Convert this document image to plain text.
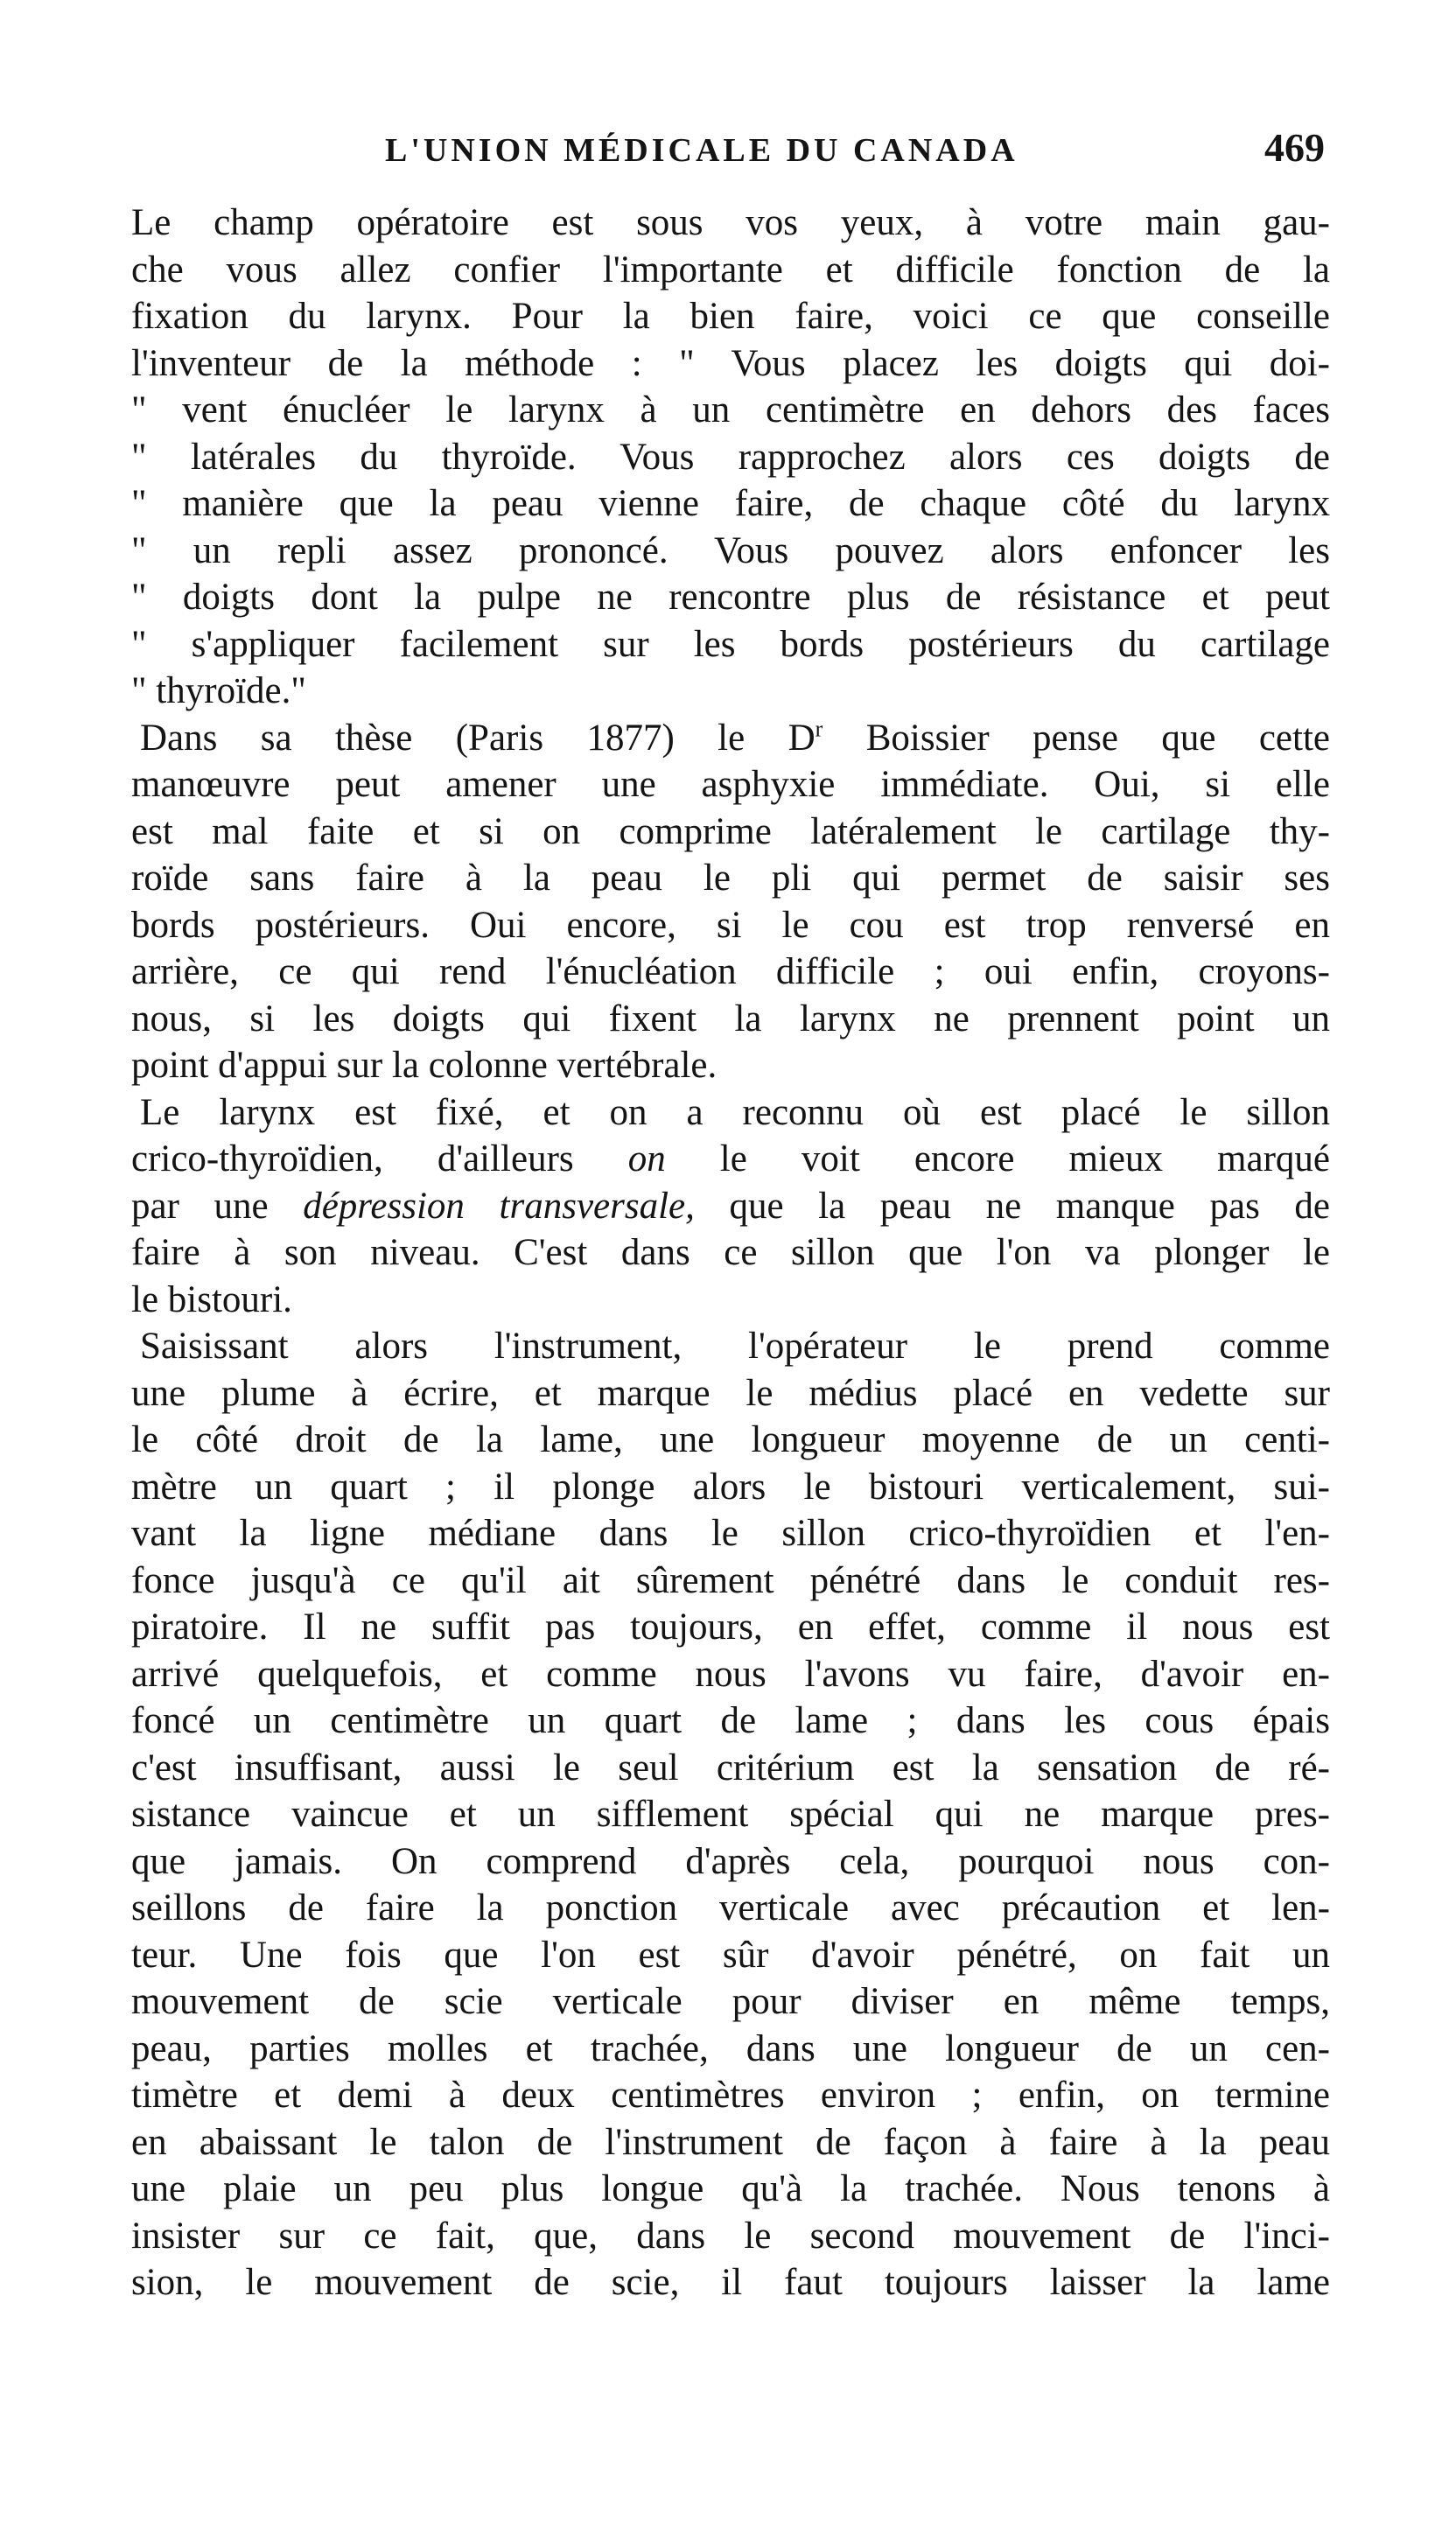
L'UNION MÉDICALE DU CANADA	469
Le champ opératoire est sous vos yeux, à votre main gau-
che vous allez confier l'importante et difficile fonction de la
fixation du larynx. Pour la bien faire, voici ce que conseille
l'inventeur de la méthode : " Vous placez les doigts qui doi-
" vent énucléer le larynx à un centimètre en dehors des faces
" latérales du thyroïde. Vous rapprochez alors ces doigts de
" manière que la peau vienne faire, de chaque côté du larynx
" un repli assez prononcé. Vous pouvez alors enfoncer les
" doigts dont la pulpe ne rencontre plus de résistance et peut
" s'appliquer facilement sur les bords postérieurs du cartilage
" thyroïde."
Dans sa thèse (Paris 1877) le $D^r$ Boissier pense que cette
manœuvre peut amener une asphyxie immédiate. Oui, si elle
est mal faite et si on comprime latéralement le cartilage thy-
roïde sans faire à la peau le pli qui permet de saisir ses
bords postérieurs. Oui encore, si le cou est trop renversé en
arrière, ce qui rend l'énucléation difficile ; oui enfin, croyons-
nous, si les doigts qui fixent la larynx ne prennent point un
point d'appui sur la colonne vertébrale.
Le larynx est fixé, et on a reconnu où est placé le sillon
crico-thyroïdien, d'ailleurs on le voit encore mieux marqué
par une dépression transversale, que la peau ne manque pas de
faire à son niveau. C'est dans ce sillon que l'on va plonger le
le bistouri.
Saisissant alors l'instrument, l'opérateur le prend comme
une plume à écrire, et marque le médius placé en vedette sur
le côté droit de la lame, une longueur moyenne de un centi-
mètre un quart ; il plonge alors le bistouri verticalement, sui-
vant la ligne médiane dans le sillon crico-thyroïdien et l'en-
fonce jusqu'à ce qu'il ait sûrement pénétré dans le conduit res-
piratoire. Il ne suffit pas toujours, en effet, comme il nous est
arrivé quelquefois, et comme nous l'avons vu faire, d'avoir en-
foncé un centimètre un quart de lame ; dans les cous épais
c'est insuffisant, aussi le seul critérium est la sensation de ré-
sistance vaincue et un sifflement spécial qui ne marque pres-
que jamais. On comprend d'après cela, pourquoi nous con-
seillons de faire la ponction verticale avec précaution et len-
teur. Une fois que l'on est sûr d'avoir pénétré, on fait un
mouvement de scie verticale pour diviser en même temps,
peau, parties molles et trachée, dans une longueur de un cen-
timètre et demi à deux centimètres environ ; enfin, on termine
en abaissant le talon de l'instrument de façon à faire à la peau
une plaie un peu plus longue qu'à la trachée. Nous tenons à
insister sur ce fait, que, dans le second mouvement de l'inci-
sion, le mouvement de scie, il faut toujours laisser la lame
